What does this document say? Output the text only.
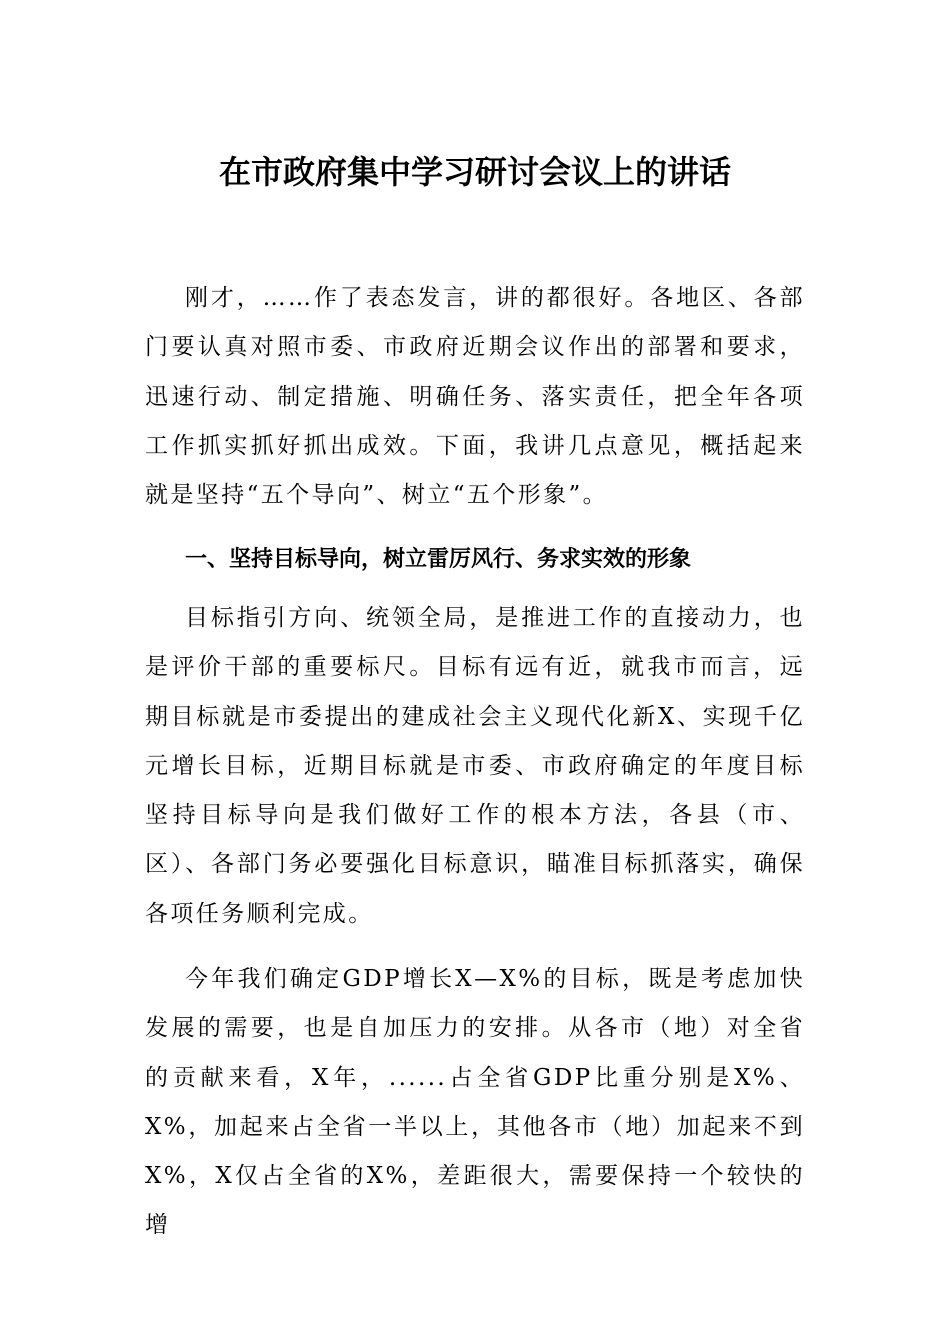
在市政府集中学习研讨会议上的讲话

刚才，……作了表态发言，讲的都很好。各地区、各部门要认真对照市委、市政府近期会议作出的部署和要求，迅速行动、制定措施、明确任务、落实责任，把全年各项工作抓实抓好抓出成效。下面，我讲几点意见，概括起来就是坚持“五个导向”、树立“五个形象”。

一、坚持目标导向，树立雷厉风行、务求实效的形象

目标指引方向、统领全局，是推进工作的直接动力，也是评价干部的重要标尺。目标有远有近，就我市而言，远期目标就是市委提出的建成社会主义现代化新X、实现千亿元增长目标，近期目标就是市委、市政府确定的年度目标坚持目标导向是我们做好工作的根本方法，各县（市、区）、各部门务必要强化目标意识，瞄准目标抓落实，确保各项任务顺利完成。

今年我们确定GDP增长X—X%的目标，既是考虑加快发展的需要，也是自加压力的安排。从各市（地）对全省的贡献来看，X年，......占全省GDP比重分别是X%、X%，加起来占全省一半以上，其他各市（地）加起来不到X%，X仅占全省的X%，差距很大，需要保持一个较快的增
